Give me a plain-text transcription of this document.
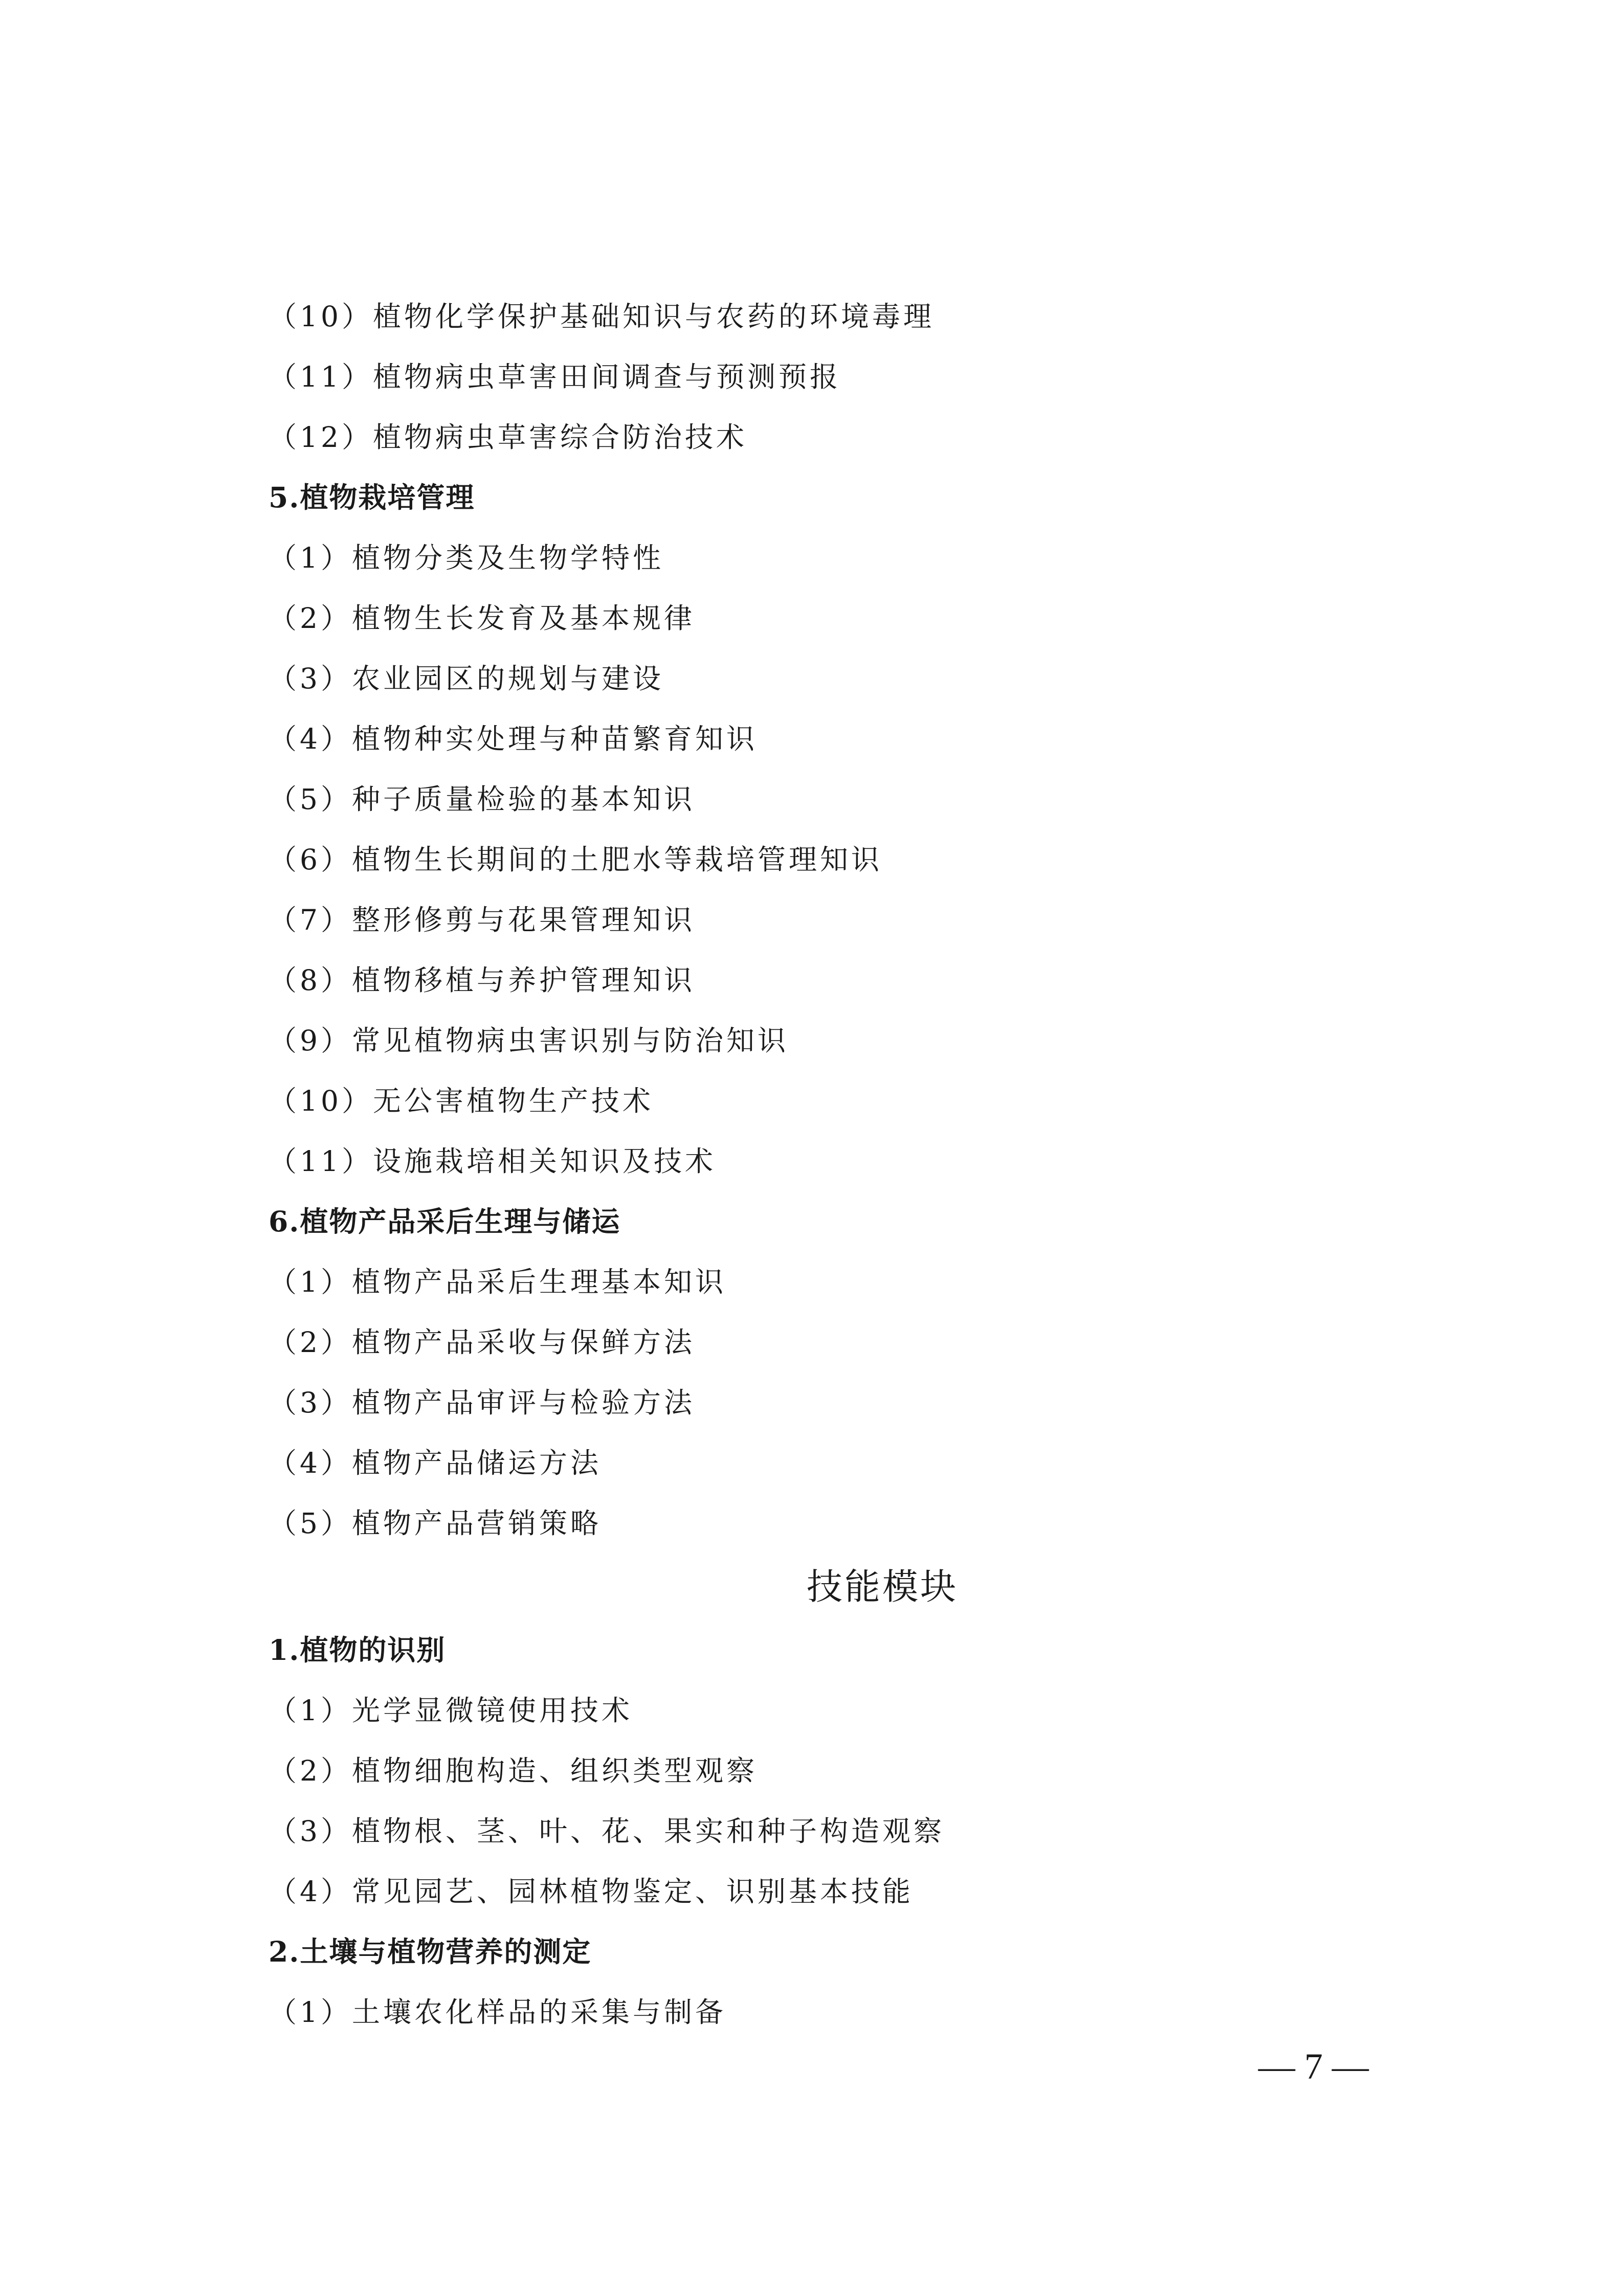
（10）植物化学保护基础知识与农药的环境毒理
（11）植物病虫草害田间调查与预测预报
（12）植物病虫草害综合防治技术
5.植物栽培管理
（1）植物分类及生物学特性
（2）植物生长发育及基本规律
（3）农业园区的规划与建设
（4）植物种实处理与种苗繁育知识
（5）种子质量检验的基本知识
（6）植物生长期间的土肥水等栽培管理知识
（7）整形修剪与花果管理知识
（8）植物移植与养护管理知识
（9）常见植物病虫害识别与防治知识
（10）无公害植物生产技术
（11）设施栽培相关知识及技术
6.植物产品采后生理与储运
（1）植物产品采后生理基本知识
（2）植物产品采收与保鲜方法
（3）植物产品审评与检验方法
（4）植物产品储运方法
（5）植物产品营销策略
技能模块
1.植物的识别
（1）光学显微镜使用技术
（2）植物细胞构造、组织类型观察
（3）植物根、茎、叶、花、果实和种子构造观察
（4）常见园艺、园林植物鉴定、识别基本技能
2.土壤与植物营养的测定
（1）土壤农化样品的采集与制备
— 7 —
